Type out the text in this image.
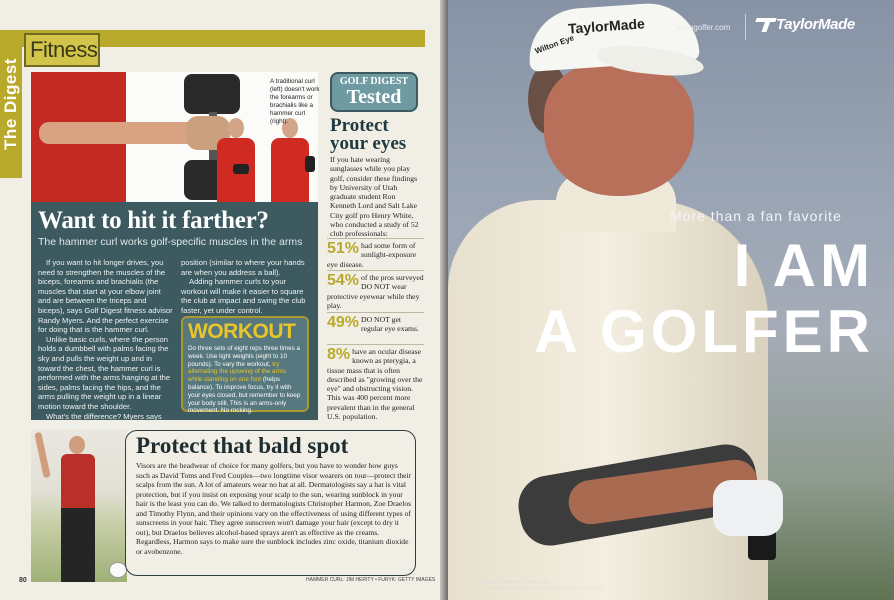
The Digest
Fitness
A traditional curl (left) doesn't work the forearms or brachialis like a hammer curl (right).
Want to hit it farther?
The hammer curl works golf-specific muscles in the arms

If you want to hit longer drives, you need to strengthen the muscles of the biceps, forearms and brachialis (the muscles that start at your elbow joint and are between the triceps and biceps), says Golf Digest fitness advisor Randy Myers. And the perfect exercise for doing that is the hammer curl.

Unlike basic curls, where the person holds a dumbbell with palms facing the sky and pulls the weight up and in toward the chest, the hammer curl is performed with the arms hanging at the sides, palms facing the hips, and the arms pulling the weight up in a linear motion toward the shoulder.

What's the difference? Myers says the hammer curl starts in a natural golf

position (similar to where your hands are when you address a ball).

Adding hammer curls to your workout will make it easier to square the club at impact and swing the club faster, yet under control.

WORKOUT

Do three sets of eight reps three times a week. Use light weights (eight to 10 pounds). To vary the workout, try alternating the upswing of the arms while standing on one foot (helps balance). To improve focus, try it with your eyes closed, but remember to keep your body still. This is an arms-only movement. No rocking.

GOLF DIGEST
Tested
Protect your eyes
If you hate wearing sunglasses while you play golf, consider these findings by University of Utah graduate student Ron Kenneth Lord and Salt Lake City golf pro Henry White, who conducted a study of 52 club professionals:
51% had some form of sunlight-exposure eye disease.
54% of the pros surveyed DO NOT wear protective eyewear while they play.
49% DO NOT get regular eye exams.
8% have an ocular disease known as pterygia, a tissue mass that is often described as "growing over the eye" and obstructing vision. This was 400 percent more prevalent than in the general U.S. population.
Protect that bald spot
Visors are the headwear of choice for many golfers, but you have to wonder how guys such as David Toms and Fred Couples—two longtime visor wearers on tour—protect their scalps from the sun. A lot of amateurs wear no hat at all. Dermatologists say a hat is vital protection, but if you insist on exposing your scalp to the sun, wearing sunblock in your hair is the least you can do. We talked to dermatologists Christopher Harmon, Zoe Draelos and Timothy Flynn, and their opinions vary on the effectiveness of using different types of sunscreens in your hair. They agree sunscreen won't damage your hair (except to dry it out), but Draelos believes alcohol-based sprays aren't as effective as the creams. Regardless, Harmon says to make sure the sunblock includes zinc oxide, titanium dioxide or avobenzone.
80	HAMMER CURL: JIM HERITY • FURYK: GETTY IMAGES
TaylorMade
Wilton Eye
iamagolfer.com	TaylorMade
More than a fan favorite
I AM
A GOLFER
© 2006 Taylor Made Golf Company, Inc.
I AM A GOLFER is a trademark of Taylor Made Golf Company, Inc.
